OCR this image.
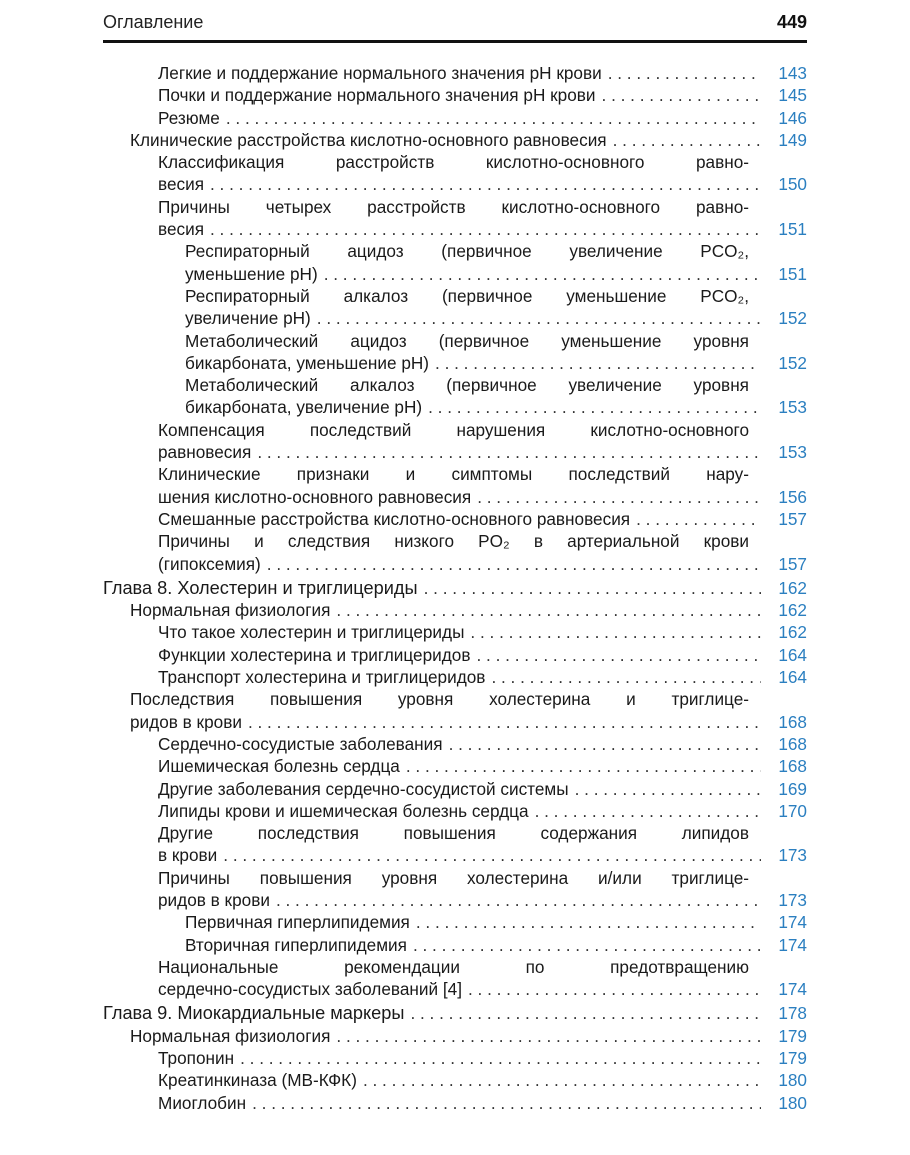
Оглавление	449
Легкие и поддержание нормального значения pH крови . . .	143
Почки и поддержание нормального значения pH крови . . .	145
Резюме . . .	146
Клинические расстройства кислотно-основного равновесия . . .	149
Классификация расстройств кислотно-основного равно-
весия . . .	150
Причины четырех расстройств кислотно-основного равно-
весия . . .	151
Респираторный ацидоз (первичное увеличение PCO₂,
уменьшение pH) . . .	151
Респираторный алкалоз (первичное уменьшение PCO₂,
увеличение pH) . . .	152
Метаболический ацидоз (первичное уменьшение уровня
бикарбоната, уменьшение pH) . . .	152
Метаболический алкалоз (первичное увеличение уровня
бикарбоната, увеличение pH) . . .	153
Компенсация последствий нарушения кислотно-основного
равновесия . . .	153
Клинические признаки и симптомы последствий нару-
шения кислотно-основного равновесия . . .	156
Смешанные расстройства кислотно-основного равновесия . . .	157
Причины и следствия низкого PO₂ в артериальной крови
(гипоксемия) . . .	157
Глава 8. Холестерин и триглицериды . . .	162
Нормальная физиология . . .	162
Что такое холестерин и триглицериды . . .	162
Функции холестерина и триглицеридов . . .	164
Транспорт холестерина и триглицеридов . . .	164
Последствия повышения уровня холестерина и триглице-
ридов в крови . . .	168
Сердечно-сосудистые заболевания . . .	168
Ишемическая болезнь сердца . . .	168
Другие заболевания сердечно-сосудистой системы . . .	169
Липиды крови и ишемическая болезнь сердца . . .	170
Другие последствия повышения содержания липидов
в крови . . .	173
Причины повышения уровня холестерина и/или триглице-
ридов в крови . . .	173
Первичная гиперлипидемия . . .	174
Вторичная гиперлипидемия . . .	174
Национальные рекомендации по предотвращению
сердечно-сосудистых заболеваний [4] . . .	174
Глава 9. Миокардиальные маркеры . . .	178
Нормальная физиология . . .	179
Тропонин . . .	179
Креатинкиназа (MB-КФК) . . .	180
Миоглобин . . .	180
